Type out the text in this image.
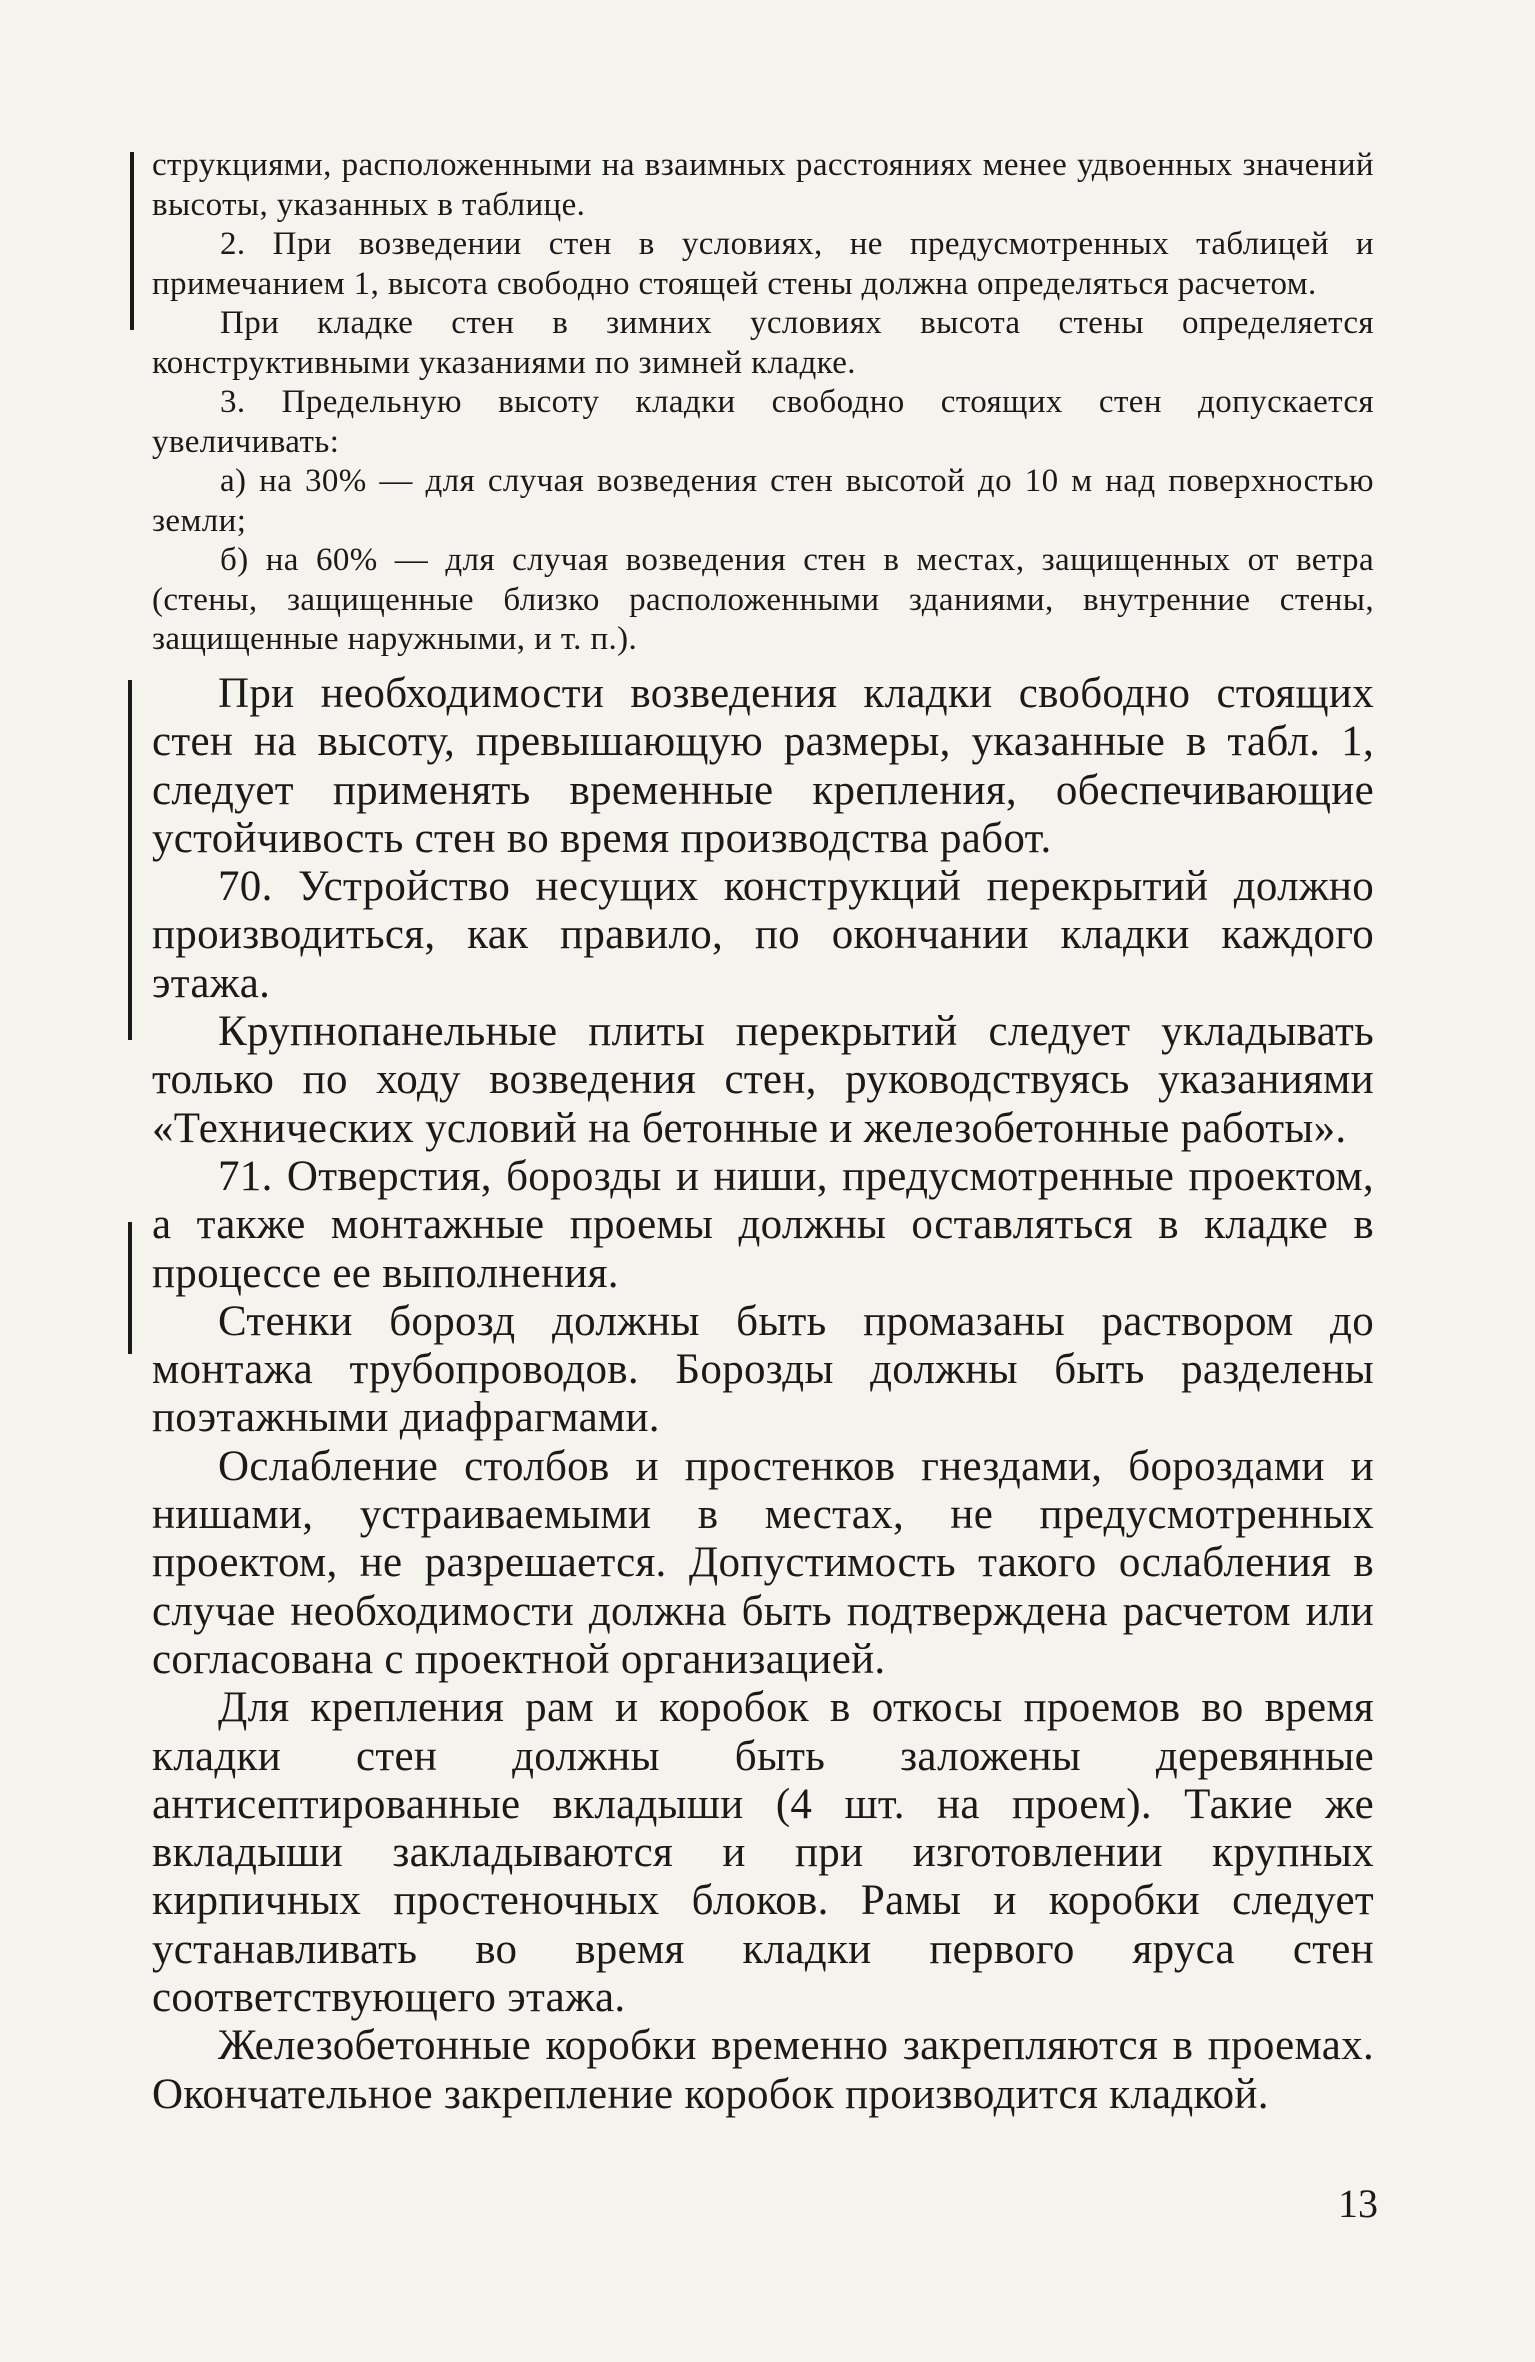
струкциями, расположенными на взаимных расстояниях менее удвоенных значений высоты, указанных в таблице.

2. При возведении стен в условиях, не предусмотренных таблицей и примечанием 1, высота свободно стоящей стены должна определяться расчетом.

При кладке стен в зимних условиях высота стены определяется конструктивными указаниями по зимней кладке.

3. Предельную высоту кладки свободно стоящих стен допускается увеличивать:

а) на 30% — для случая возведения стен высотой до 10 м над поверхностью земли;

б) на 60% — для случая возведения стен в местах, защищенных от ветра (стены, защищенные близко расположенными зданиями, внутренние стены, защищенные наружными, и т. п.).

При необходимости возведения кладки свободно стоящих стен на высоту, превышающую размеры, указанные в табл. 1, следует применять временные крепления, обеспечивающие устойчивость стен во время производства работ.

70. Устройство несущих конструкций перекрытий должно производиться, как правило, по окончании кладки каждого этажа.

Крупнопанельные плиты перекрытий следует укладывать только по ходу возведения стен, руководствуясь указаниями «Технических условий на бетонные и железобетонные работы».

71. Отверстия, борозды и ниши, предусмотренные проектом, а также монтажные проемы должны оставляться в кладке в процессе ее выполнения.

Стенки борозд должны быть промазаны раствором до монтажа трубопроводов. Борозды должны быть разделены поэтажными диафрагмами.

Ослабление столбов и простенков гнездами, бороздами и нишами, устраиваемыми в местах, не предусмотренных проектом, не разрешается. Допустимость такого ослабления в случае необходимости должна быть подтверждена расчетом или согласована с проектной организацией.

Для крепления рам и коробок в откосы проемов во время кладки стен должны быть заложены деревянные антисептированные вкладыши (4 шт. на проем). Такие же вкладыши закладываются и при изготовлении крупных кирпичных простеночных блоков. Рамы и коробки следует устанавливать во время кладки первого яруса стен соответствующего этажа.

Железобетонные коробки временно закрепляются в проемах. Окончательное закрепление коробок производится кладкой.

13
